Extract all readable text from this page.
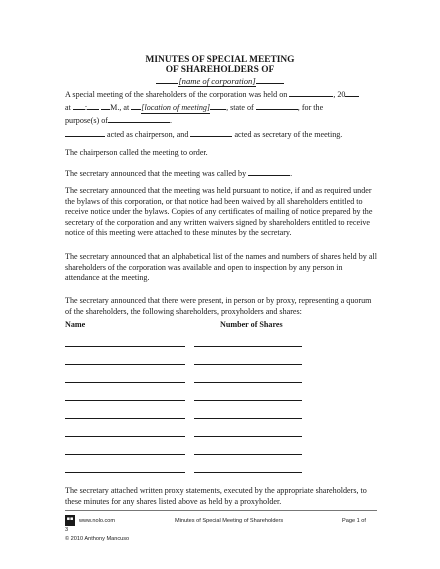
MINUTES OF SPECIAL MEETING
OF SHAREHOLDERS OF
[name of corporation]
A special meeting of the shareholders of the corporation was held on	, 20
at :	M., at [location of meeting] , state of	, for the
purpose(s) of	.
acted as chairperson, and	acted as secretary of the meeting.
The chairperson called the meeting to order.
The secretary announced that the meeting was called by	.
The secretary announced that the meeting was held pursuant to notice, if and as required under the bylaws of this corporation, or that notice had been waived by all shareholders entitled to receive notice under the bylaws. Copies of any certificates of mailing of notice prepared by the secretary of the corporation and any written waivers signed by shareholders entitled to receive notice of this meeting were attached to these minutes by the secretary.
The secretary announced that an alphabetical list of the names and numbers of shares held by all shareholders of the corporation was available and open to inspection by any person in attendance at the meeting.
The secretary announced that there were present, in person or by proxy, representing a quorum of the shareholders, the following shareholders, proxyholders and shares:
Name	Number of Shares
The secretary attached written proxy statements, executed by the appropriate shareholders, to these minutes for any shares listed above as held by a proxyholder.
▪▪ www.nolo.com	Minutes of Special Meeting of Shareholders	Page 1 of
3
© 2010 Anthony Mancuso
